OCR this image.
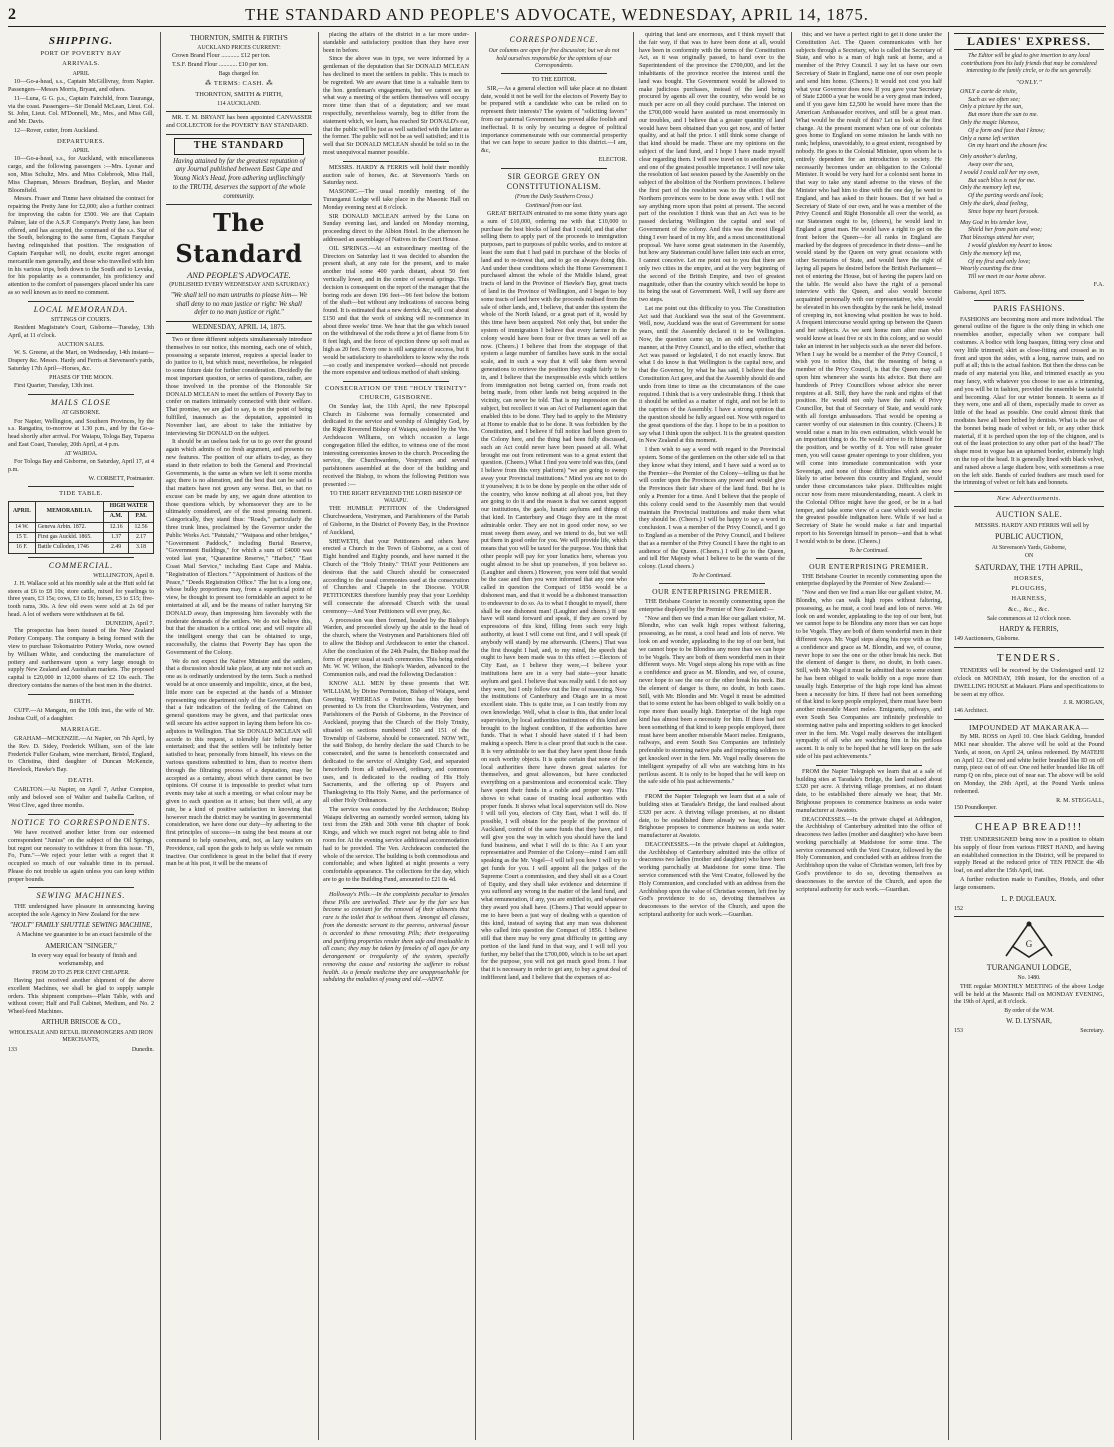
2	THE STANDARD AND PEOPLE'S ADVOCATE, WEDNESDAY, APRIL 14, 1875.
SHIPPING.
PORT OF POVERTY BAY
ARRIVALS.
APRIL

10—Go-a-head, s.s., Captain McGillivray, from Napier. Passengers—Messrs Morris, Bryant, and others.

11—Luna, G G. p.s., Captain Fairchild, from Tauranga, via the coast. Passengers—Sir Donald McLean, Lieut. Col. St. John, Lieut. Col. M'Donnell, Mr., Mrs., and Miss Gill, and Mr. Davis.

12—Rover, cutter, from Auckland.

DEPARTURES.
APRIL

10—Go-a-head, s.s., for Auckland, with miscellaneous cargo, and the following passengers :—Mrs. Lysnar and son, Miss Schultz, Mrs. and Miss Colebrook, Miss Hall, Miss Chapman, Messrs Bradman, Boylan, and Master Bloomfield.

Messrs. Fraser and Tinme have obtained the contract for repairing the Pretty Jane for £2,000; also a further contract for improving the cabin for £500. We are that Captain Palmer, late of the A.S.P. Company's Pretty Jane, has been offered, and has accepted, the command of the s.s. Star of the South, belonging to the same firm, Captain Farquhar having relinquished that position. The resignation of Captain Farquhar will, no doubt, excite regret amongst mercantile men generally, and those who travelled with him in his various trips, both down to the South and to Levuka, for his popularity as a commander, his proficiency and attention to the comfort of passengers placed under his care as so well known as to need no comment.

LOCAL MEMORANDA.
SITTINGS OF COURTS.

Resident Magistrate's Court, Gisborne—Tuesday, 13th April, at 11 o'clock.

AUCTION SALES.

W. S. Greene, at the Mart, on Wednesday, 14th instant—Drapery &c. Messrs. Hardy and Ferris at Stevenson's yards, Saturday 17th April—Horses, &c.

PHASES OF THE MOON.

First Quarter, Tuesday, 13th inst.

MAILS CLOSE
AT GISBORNE.

For Napier, Wellington, and Southern Provinces, by the s.s. Rangatira, to-morrow at 1.30 p.m., and by the Go-a-head shortly after arrival. For Waiapu, Tologa Bay, Tuparoa and East Coast, Tuesday, 20th April, at 4 p.m.

AT WAIROA.

For Tologa Bay and Gisborne, on Saturday, April 17, at 4 p.m.

W. CORBETT, Postmaster.
TIDE TABLE.
APRIL	MEMORABILIA.	HIGH WATER	
		A.M.	P.M.
14 W.	Geneva Arbtn. 1872.	12.16	12.56
15 T.	First gas Auckld. 1865.	1.37	2.17
16 F.	Battle Culloden, 1746	2.49	3.18
COMMERCIAL.
WELLINGTON, April 8.

J. H. Wallace sold at his monthly sale at the Hutt sold fat steers at £6 to £8 10s; store cattle, mixed for yearlings to three years, £3 15s; cows, £3 to £6; horses, £3 to £15; five-tooth rams, 30s. A few old ewes were sold at 2s 6d per head. A lot of wethers were withdrawn at 8s 6d.

DUNEDIN, April 7.

The prospectus has been issued of the New Zealand Pottery Company. The company is being formed with the view to purchase Tokomairiro Pottery Works, now owned by William White, and conducting the manufacture of pottery and earthenware upon a very large enough to supply New Zealand and Australian markets. The proposed capital is £20,000 in 12,000 shares of £2 10s each. The directory contains the names of the best men in the district.

BIRTH.

CUFF.—At Mangatu, on the 10th inst., the wife of Mr. Joshua Cuff, of a daughter.

MARRIAGE.

GRAHAM—MCKENZIE.—At Napier, on 7th April, by the Rev. D. Sidey, Frederick William, son of the late Frederick Fuller Graham, wine merchant, Bristol, England, to Christina, third daughter of Duncan McKenzie, Havelock, Hawke's Bay.

DEATH.

CARLTON.—At Napier, on April 7, Arthur Compton, only and beloved son of Walter and Isabella Carlton, of West Clive, aged three months.

NOTICE TO CORRESPONDENTS.

We have received another letter from our esteemed correspondent "Junius" on the subject of the Oil Springs, but regret our necessity to withdraw it from this issue. "Fi, Fo, Fum."—We reject your letter with a regret that it occupied so much of our valuable time in its perusal. Please do not trouble us again unless you can keep within proper bounds.

SEWING MACHINES.

THE undersigned have pleasure in announcing having accepted the sole Agency in New Zealand for the new

"HOLT" FAMILY SHUTTLE SEWING MACHINE,

A Machine we guarantee to be an exact facsimile of the

AMERICAN "SINGER,"

In every way equal for beauty of finish and workmanship, and

FROM 20 TO 25 PER CENT CHEAPER.

Having just received another shipment of the above excellent Machines, we shall be glad to supply sample orders. This shipment comprises—Plain Table, with and without cover; Half and Full Cabinet, Medium, and No. 2 Wheel-feed Machines.

ARTHUR BRISCOE & CO.,
WHOLESALE AND RETAIL IRONMONGERS AND IRON MERCHANTS,
133	Dunedin.
THORNTON, SMITH & FIRTH'S
AUCKLAND PRICES CURRENT:

Crown Brand Flour ............ £12 per ton.

T.S.F. Brand Flour ............ £10 per ton.

Bags charged for.
⁂ TERMS: CASH. ⁂
THORNTON, SMITH & FIRTH,
114 AUCKLAND.

MR. T. M. BRYANT has been appointed CANVASSER and COLLECTOR for the POVERTY BAY STANDARD.

THE STANDARD
Having attained by far the greatest reputation of any Journal published between East Cape and Young Nick's Head, from adhering unflinchingly to the TRUTH, deserves the support of the whole community.
The Standard
AND PEOPLE'S ADVOCATE.
(PUBLISHED EVERY WEDNESDAY AND SATURDAY.)
"We shall tell no man untruths to please him— We shall deny to no man justice or right: We shall defer to no man justice or right."
WEDNESDAY, APRIL 14, 1875.

Two or three different subjects simultaneously introduce themselves to our notice, this morning, each one of which, possessing a separate interest, requires a special leader to do justice to it, but which must, nevertheless, be relegated to some future date for further consideration. Decidedly the most important question, or series of questions, rather, are those involved in the promise of the Honorable Sir DONALD MCLEAN to meet the settlers of Poverty Bay to confer on matters intimately connected with their welfare. That promise, we are glad to say, is on the point of being fulfilled, inasmuch as the deputation, appointed in November last, are about to take the initiative by interviewing Sir DONALD on the subject.

It should be an useless task for us to go over the ground again which admits of no fresh argument, and presents no new features. The position of our affairs to-day, as they stand in their relation to both the General and Provincial Governments, is the same as when we left it some months ago; there is no alteration, and the best that can be said is that matters have not grown any worse. But, so that no excuse can be made by any, we again draw attention to those questions which, by whomsoever they are to be ultimately considered, are of the most pressing moment. Categorically, they stand thus: "Roads," particularly the three trunk lines, proclaimed by the Governor under the Public Works Act. "Patutahi," "Waipaoa and other bridges," "Government Paddock," including Burial Reserve, "Government Buildings," for which a sum of £4000 was voted last year, "Quarantine Reserve," "Harbor," "East Coast Mail Service," including East Cape and Mahia. "Registration of Electors." "Appointment of Justices of the Peace," "Deeds Registration Office." The list is a long one, whose bulky proportions may, from a superficial point of view, be thought to present too formidable an aspect to be entertained at all, and be the means of rather hurrying Sir DONALD away, than impressing him favorably with the moderate demands of the settlers. We do not believe this, but that the situation is a critical one; and will require all the intelligent energy that can be obtained to urge, successfully, the claims that Poverty Bay has upon the Government of the Colony.

We do not expect the Native Minister and the settlers, that a discussion should take place, at any rate not such an one as is ordinarily understood by the term. Such a method would be at once unseemly and impolitic, since, at the best, little more can be expected at the hands of a Minister representing one department only of the Government, than that a fair indication of the feeling of the Cabinet on general questions may be given, and that particular ones will secure his active support in laying them before his co-adjutors in Wellington. That Sir DONALD MCLEAN will accede to this request, a tolerably fair belief may be entertained; and that the settlers will be infinitely better satisfied to hear, personally from himself, his views on the various questions submitted to him, than to receive them through the filtrating process of a deputation, may be accepted as a certainty, about which there cannot be two opinions. Of course it is impossible to predict what turn events may take at such a meeting, or what colour may be given to each question as it arises; but there will, at any rate, be a kind of positive satisfaction in knowing that however much the district may be wanting in governmental consideration, we have done our duty—by adhering to the first principles of success—in using the best means at our command to help ourselves, and, not, as lazy waiters on Providence, call upon the gods to help us while we remain inactive. Our confidence is great in the belief that if every man be at his post, it will be the means of

placing the affairs of the district in a far more under-standable and satisfactory position than they have ever been in before.

Since the above was in type, we were informed by a gentleman of the deputation that Sir DONALD MCLEAN has declined to meet the settlers in public. This is much to be regretted. We are aware that time is a valuable item to the hon. gentleman's engagements, but we cannot see in what way a meeting of the settlers themselves will occupy more time than that of a deputation; and we must respectfully, nevertheless warmly, beg to differ from the statement which, we learn, has reached Sir DONALD's ear, that the public will be just as well satisfied with the latter as the former. The public will not be as well satisfied; and it is well that Sir DONALD MCLEAN should be told so in the most unequivocal manner possible.

MESSRS. HARDY & FERRIS will hold their monthly auction sale of horses, &c. at Stevenson's Yards on Saturday next.

MASONIC.—The usual monthly meeting of the Turanganui Lodge will take place in the Masonic Hall on Monday evening next at 8 o'clock.

SIR DONALD MCLEAN arrived by the Luna on Sunday evening last, and landed on Monday morning, proceeding direct to the Albion Hotel. In the afternoon he addressed an assemblage of Natives in the Court House.

OIL SPRINGS.—At an extraordinary meeting of the Directors on Saturday last it was decided to abandon the present shaft, at any rate for the present, and to make another trial some 400 yards distant, about 50 feet vertically lower, and in the centre of several springs. This decision is consequent on the report of the manager that the boring rods are down 196 feet—96 feet below the bottom of the shaft—but without any indications of success being found. It is estimated that a new derrick &c, will cost about £150 and that the work of sinking will re-commence in about three weeks' time. We hear that the gas which issued on the withdrawal of the rods threw a jet of flame from 6 to 8 feet high, and the force of ejection threw up soft mud as high as 20 feet. Every one is still sanguine of success, but it would be satisfactory to shareholders to know why the rods—so costly and inexpensive worked—should not precede the more expensive and tedious method of shaft sinking.

CONSECRATION OF THE "HOLY TRINITY" CHURCH, GISBORNE.

On Sunday last, the 11th April, the new Episcopal Church in Gisborne was formally consecrated and dedicated to the service and worship of Almighty God, by the Right Reverend Bishop of Waiapu, assisted by the Ven. Archdeacon Williams, on which occasion a large congregation filled the edifice, to witness one of the most interesting ceremonies known to the church. Proceeding the service, the Churchwardens, Vestrymen and several parishioners assembled at the door of the building and received the Bishop, to whom the following Petition was presented :—

TO THE RIGHT REVEREND THE LORD BISHOP OF WAIAPU.

THE HUMBLE PETITION of the Undersigned Churchwardens, Vestrymen, and Parishioners of the Parish of Gisborne, in the District of Poverty Bay, in the Province of Auckland,

SHEWETH, that your Petitioners and others have erected a Church in the Town of Gisborne, as a cost of Eight hundred and Eighty pounds, and have named it the Church of the "Holy Trinity." THAT your Petitioners are desirous that the said Church should be consecrated according to the usual ceremonies used at the consecration of Churches and Chapels in the Diocese. YOUR PETITIONERS therefore humbly pray that your Lordship will consecrate the aforesaid Church with the usual ceremony—And Your Petitioners will ever pray, &c.

A procession was then formed, headed by the Bishop's Warden, and proceeded slowly up the aisle to the head of the church, where the Vestrymen and Parishioners filed off to allow the Bishop and Archdeacon to enter the chancel. After the conclusion of the 24th Psalm, the Bishop read the form of prayer usual at such ceremonies. This being ended Mr. W. W. Wilson, the Bishop's Warden, advanced to the Communion rails, and read the following Declaration :

KNOW ALL MEN by these presents that WE WILLIAM, by Divine Permission, Bishop of Waiapu, send Greeting. WHEREAS a Petition has this day been presented to Us from the Churchwardens, Vestrymen, and Parishioners of the Parish of Gisborne, in the Province of Auckland, praying that the Church of the Holy Trinity, situated on sections numbered 150 and 151 of the Township of Gisborne, should be consecrated. NOW WE, the said Bishop, do hereby declare the said Church to be consecrated, and the same is henceforth consecrated and dedicated to the service of Almighty God, and separated henceforth from all unhallowed, ordinary, and common uses, and is dedicated to the reading of His Holy Sacraments, and the offering up of Prayers and Thanksgiving to His Holy Name, and the performance of all other Holy Ordinances.

The service was conducted by the Archdeacon; Bishop Waiapu delivering an earnestly worded sermon, taking his text from the 29th and 30th verse 8th chapter of book Kings, and which we much regret not being able to find room for. At the evening service additional accommodation had to be provided. The Ven. Archdeacon conducted the whole of the service. The building is both commodious and comfortable; and when lighted at night presents a very comfortable appearance. The collections for the day, which are to go to the Building Fund, amounted to £21 0s 4d.

Holloway's Pills.—In the complaints peculiar to females these Pills are unrivalled. Their use by the fair sex has become so constant for the removal of their ailments that rare is the toilet that is without them. Amongst all classes, from the domestic servant to the peeress, universal favour is accorded to these renovating Pills; their invigorating and purifying properties render them safe and invaluable in all cases; they may be taken by females of all ages for any derangement or irregularity of the system, specially removing the cause and restoring the sufferer to robust health. As a female medicine they are unapproachable for subduing the maladies of young and old.—ADVT.

CORRESPONDENCE.
Our columns are open for free discussion; but we do not hold ourselves responsible for the opinions of our Correspondents.
TO THE EDITOR.

SIR,—As a general election will take place at no distant date, would it not be well for the electors of Poverty Bay to be prepared with a candidate who can be relied on to represent their interests? The system of "soliciting favors" from our paternal Government has proved alike foolish and ineffectual. It is only by securing a degree of political importance commensurate with our commercial prosperity that we can hope to secure justice to this district.—I am, &c,

ELECTOR.
SIR GEORGE GREY ON CONSTITUTIONALISM.
(From the Daily Southern Cross.)
Continued from our last.

GREAT BRITAIN entrusted to me some thirty years ago a sum of £10,000, ordering me with that £10,000 to purchase the best blocks of land that I could, and that after selling them to apply part of the proceeds to immigration purposes, part to purposes of public works, and to restore at least the sum that I had paid in purchase of the blocks of land and to re-invest that, and to go on always doing this. And under these conditions which the Home Government I purchased almost the whole of the Middle Island, great tracts of land in the Province of Hawke's Bay, great tracts of land in the Province of Wellington, and I began to buy some tracts of land here with the proceeds realised from the sale of other lands, and, I believe, that under this system the whole of the North Island, or a great part of it, would by this time have been acquired. Not only that, but under the system of immigration I believe that every farmer in the colony would have been four or five times as well off as now. (Cheers.) I believe that from the stoppage of that system a large number of families have sunk in the social scale, and in such a way that it will take them several generations to retrieve the position they ought fairly to be in, and I believe that the inexpressible evils which settlers from immigration not being carried on, from roads not being made, from other lands not being acquired in the vicinity, can never be told. That is my impression on the subject, but recollect it was an Act of Parliament again that enabled this to be done. They had to apply to the Ministry at Home to enable that to be done. It was forbidden by the Constitution, and I believe if full notice had been given to the Colony here, and the thing had been fully discussed, such an Act could never have been passed at all. What brought me out from retirement was to a great extent that question. (Cheers.) What I find you were told was this, (and I believe from this very platform) "we are going to sweep away your Provincial institutions." Mind you are not to do it yourselves; it is to be done by people on the other side of the country, who know nothing at all about you, but they are going to do it and the reason is that we cannot support our institutions, the gaols, lunatic asylums and things of that kind. In Canterbury and Otago they are in the most admirable order. They are not in good order now, so we must sweep them away, and we intend to do, but we will put them in good order for you. We will provide life, which means that you will be taxed for the purpose. You think that other people will pay for your lunatics here, whereas you ought almost to be shut up yourselves, if you believe so. (Laughter and cheers.) However, you were told that would be the case and then you were informed that any one who called in question the Compact of 1856 would be a dishonest man, and that it would be a dishonest transaction to endeavour to do so. As to what I thought to myself, there shall be one dishonest man! (Laughter and cheers.) If one have will stand forward and speak, if they are cowed by expressions of this kind, filling from such very high authority, at least I will come out first, and I will speak (if anybody will stand) by me afterwards. (Cheers.) That was the first thought I had, and, to my mind, the speech that ought to have been made was to this effect :—Electors of City East, as I believe they were,—I believe your institutions here are in a very bad state—your lunatic asylum and gaol. I believe that was really said. I do not say they were, but I only follow out the line of reasoning. Now the institutions of Canterbury and Otago are in a most excellent state. This is quite true, as I can testify from my own knowledge. Well, what is clear is this, that under local supervision, by local authorities institutions of this kind are brought to the highest condition, if the authorities have funds. That is what I should have stated if I had been making a speech. Here is a clear proof that such is the case. It is very admirable to see that they have spent those funds on such worthy objects. It is quite certain that none of the local authorities there have drawn great salaries for themselves, and great allowances, but have conducted everything on a parsimonious and economical scale. They have spent their funds in a noble and proper way. This shows to what cause of trusting local authorities with proper funds. It shows what local supervision will do. Now I will tell you, electors of City East, what I will do. If possible, I will obtain for the people of the province of Auckland, control of the same funds that they have, and I will give you the way in which you should have the land fund business, and what I will do is this: As I am your representative and Premier of the Colony—mind I am still speaking as the Mr. Vogel—I will tell you how I will try to get funds for you. I will appoint all the judges of the Supreme Court a commission, and they shall sit as a Court of Equity, and they shall take evidence and determine if you suffered any wrong in the matter of the land fund, and what remuneration, if any, you are entitled to, and whatever they award you shall have. (Cheers.) That would appear to me to have been a just way of dealing with a question of this kind, instead of saying that any man was dishonest who called into question the Compact of 1856. I believe still that there may be very great difficulty in getting any portion of the land fund in that way, and I will tell you further, my belief that the £700,000, which is to be set apart for the purpose, you will not get much good from. I fear that it is necessary in order to get any, to buy a great deal of indifferent land, and I believe that the expenses of ac-

quiring that land are enormous, and I think myself that the fair way, if that was to have been done at all, would have been in conformity with the terms of the Constitution Act, as it was originally passed, to hand over to the Superintendent of the province the £700,000, and let the inhabitants of the province receive the interest until the land was bought. The Government would be allowed to make judicious purchases, instead of the land being procured by agents all over the country, who would be so much per acre on all they could purchase. The interest on the £700,000 would have assisted us most enormously in our troubles, and I believe that a greater quantity of land would have been obtained than you get now, and of better quality, and at half the price. I still think some change of that kind should be made. These are my opinions on the subject of the land fund, and I hope I have made myself clear regarding them. I will now travel on to another point, and one of the greatest possible importance. I will now take the resolution of last session passed by the Assembly on the subject of the abolition of the Northern provinces. I believe the first part of the resolution was to the effect that the Northern provinces were to be done away with. I will not say anything more upon that point at present. The second part of the resolution I think was that an Act was to be passed declaring Wellington the capital and seat of Government of the colony. And this was the most illegal thing I ever heard of in my life, and a most unconstitutional proposal. We have some great statesmen in the Assembly, but how any Statesman could have fallen into such an error, I cannot conceive. Let me point out to you that there are only two cities in the empire, and at the very beginning of the second of the British Empire, and two of greatest magnitude, other than the country which would be hope to its being the seat of Government. Well, I will say there are two steps.

Let me point out this difficulty to you. The Constitution Act said that Auckland was the seat of the Government. Well, now, Auckland was the seat of Government for some years, until the Assembly declared it to be Wellington. Now, the question came up, in an odd and conflicting manner, at the Privy Council, and to the effect, whether that Act was passed or legislated, I do not exactly know. But what I do know is that Wellington is the capital now, and that the Governor, by what he has said, I believe that the Constitution Act gave, and that the Assembly should do and undo from time to time as the circumstances of the case required. I think that is a very undesirable thing. I think that it should be settled as a matter of right, and not be left to the caprices of the Assembly. I have a strong opinion that the question should be fully argued out. Now with regard to the great questions of the day. I hope to be in a position to say what I think upon the subject. It is the greatest question in New Zealand at this moment.

I then wish to say a word with regard to the Provincial system. Some of the gentlemen on the other side tell us that they know what they intend, and I have said a word as to the Premier—the Premier of the Colony—telling us that he will confer upon the Provinces any power and would give the Provinces their fair share of the land fund. But he is only a Premier for a time. And I believe that the people of this colony could send to the Assembly men that would maintain the Provincial institutions and make them what they should be. (Cheers.) I will be happy to say a word in conclusion. I was a member of the Privy Council, and I go to England as a member of the Privy Council, and I believe that as a member of the Privy Council I have the right to an audience of the Queen. (Cheers.) I will go to the Queen, and tell Her Majesty what I believe to be the wants of the colony. (Loud cheers.)

To be Continued.
OUR ENTERPRISING PREMIER.

THE Brisbane Courier in recently commenting upon the enterprise displayed by the Premier of New Zealand:—

"Now and then we find a man like our gallant visitor, M. Blondin, who can walk high ropes without faltering, possessing, as he must, a cool head and lots of nerve. We look on and wonder, applauding to the top of our bent, but we cannot hope to be Blondins any more than we can hope to be Vogels. They are both of them wonderful men in their different ways. Mr. Vogel steps along his rope with as fine a confidence and grace as M. Blondin, and we, of course, never hope to see the one or the other break his neck. But the element of danger is there, no doubt, in both cases. Still, with Mr. Blondin and Mr. Vogel it must be admitted that to some extent he has been obliged to walk boldly on a rope more than usually high. Enterprise of the high rope kind has almost been a necessity for him. If there had not been something of that kind to keep people employed, there must have been another miserable Maori melee. Emigrants, railways, and even South Sea Companies are infinitely preferable to storming native pahs and importing soldiers to get knocked over in the fern. Mr. Vogel really deserves the intelligent sympathy of all who are watching him in his perilous ascent. It is only to be hoped that he will keep on the safe side of his past achievements."

FROM the Napier Telegraph we learn that at a sale of building sites at Taradale's Bridge, the land realised about £320 per acre. A thriving village promises, at no distant date, to be established there already we hear, that Mr. Brighouse proposes to commence business as soda water manufacturer at Awatoto.

DEACONESSES.—In the private chapel at Addington, the Archbishop of Canterbury admitted into the office of deaconess two ladies (mother and daughter) who have been working parochially at Maidstone for some time. The service commenced with the Veni Creator, followed by the Holy Communion, and concluded with an address from the Archbishop upon the value of Christian women, left free by God's providence to do so, devoting themselves as deaconesses to the service of the Church, and upon the scriptural authority for such work.—Guardian.

this; and we have a perfect right to get it done under the Constitution Act. The Queen communicates with her subjects through a Secretary, who is called the Secretary of State, and who is a man of high rank at home, and a member of the Privy Council. I say let us have our own Secretary of State in England, name one of our own people and send him home. (Cheers.) It would not cost you half what your Governor does now. If you gave your Secretary of State £2000 a year he would be a very great man indeed, and if you gave him £2,500 he would have more than the American Ambassador receives, and still be a great man. What would be the result of this? Let us look at the first change. At the present moment when one of our colonists goes home to England on some mission he lands with no rank; helpless, unavoidably, to a great extent, recognised by nobody. He goes to the Colonial Minister, upon whom he is entirely dependent for an introduction to society. He necessarily becomes under an obligation to the Colonial Minister. It would be very hard for a colonist sent home in that way to take any stand adverse to the views of the Minister who had him to dine with the one day, he went to England, and has asked to their houses. But if we had a Secretary of State of our own, and he was a member of the Privy Council and Right Honorable all over the world, as our Statesmen ought to be, (cheers), he would land in England a great man. He would have a right to get on the front before the Queen—for all ranks in England are marked by the degrees of precedence in their dress—and he would stand by the Queen on very great occasions with other Secretaries of State, and would have the right of laying all papers he desired before the British Parliament—not of entering the House, but of having the papers laid on the table. He would also have the right of a personal interview with the Queen, and also would become acquainted personally with our representative, who would be elevated in his own thoughts by the rank he held, instead of creeping in, not knowing what position he was to hold. A frequent intercourse would spring up between the Queen and her subjects. As we sent home men after man who would know at least five or six in this colony, and so would take an interest in her subjects such as she never did before. When I say he would be a member of the Privy Council, I wish you to notice this, that the meaning of being a member of the Privy Council, is that the Queen may call upon him whenever she wants his advice. But there are hundreds of Privy Councillors whose advice she never requires at all. Still, they have the rank and rights of that position. He would not only have the rank of Privy Councillor, but that of Secretary of State, and would rank with all foreign ambassadors. That would be opening a career worthy of our statesmen in this country. (Cheers.) It would raise a man in his own estimation, which would be an important thing to do. He would strive to fit himself for the position, and be worthy of it. You will raise greater men, you will cause greater openings to your children, you will come into immediate communication with your Sovereign, and none of those difficulties which are now likely to arise between this country and England, would under these circumstances take place. Difficulties might occur now from mere misunderstanding, meant. A clerk in the Colonial Office might have the good, or be in a bad temper, and take some view of a case which would incite the greatest possible indignation here. While if we had a Secretary of State he would make a fair and impartial report to his Sovereign himself in person—and that is what I would wish to be done. (Cheers.)

To be Continued.
OUR ENTERPRISING PREMIER.

THE Brisbane Courier in recently commenting upon the enterprise displayed by the Premier of New Zealand:—

"Now and then we find a man like our gallant visitor, M. Blondin, who can walk high ropes without faltering, possessing, as he must, a cool head and lots of nerve. We look on and wonder, applauding to the top of our bent, but we cannot hope to be Blondins any more than we can hope to be Vogels. They are both of them wonderful men in their different ways. Mr. Vogel steps along his rope with as fine a confidence and grace as M. Blondin, and we, of course, never hope to see the one or the other break his neck. But the element of danger is there, no doubt, in both cases. Still, with Mr. Vogel it must be admitted that to some extent he has been obliged to walk boldly on a rope more than usually high. Enterprise of the high rope kind has almost been a necessity for him. If there had not been something of that kind to keep people employed, there must have been another miserable Maori melee. Emigrants, railways, and even South Sea Companies are infinitely preferable to storming native pahs and importing soldiers to get knocked over in the fern. Mr. Vogel really deserves the intelligent sympathy of all who are watching him in his perilous ascent. It is only to be hoped that he will keep on the safe side of his past achievements."

FROM the Napier Telegraph we learn that at a sale of building sites at Taradale's Bridge, the land realised about £320 per acre. A thriving village promises, at no distant date, to be established there already we hear, that Mr. Brighouse proposes to commence business as soda water manufacturer at Awatoto.

DEACONESSES.—In the private chapel at Addington, the Archbishop of Canterbury admitted into the office of deaconess two ladies (mother and daughter) who have been working parochially at Maidstone for some time. The service commenced with the Veni Creator, followed by the Holy Communion, and concluded with an address from the Archbishop upon the value of Christian women, left free by God's providence to do so, devoting themselves as deaconesses to the service of the Church, and upon the scriptural authority for such work.—Guardian.

LADIES' EXPRESS.
The Editor will be glad to give insertion to any local contributions from his lady friends that may be considered interesting to the family circle, or to the sex generally.
"ONLY."
ONLY a carte de visite,
Such as we often see;
Only a picture by the sun,
But more than the sun to me.
Only the magic likeness,
Of a form and face that I know;
Only a name left written
On my heart and the chosen few.
Only another's darling,
Away over the sea,
I would I could call her my own,
But such bliss is not for me.
Only the memory left me,
Of the parting words and look;
Only the dark, dead feeling,
Since hope my heart forsook.
May God in his tender love,
Shield her from pain and woe;
That blessings attend her ever,
I would gladdon my heart to know.
Only the memory left me,
Of my first and only love;
Wearily counting the time
Till we meet in our home above.
F.A.
Gisborne, April 1875.
PARIS FASHIONS.

FASHIONS are becoming more and more individual. The general outline of the figure is the only thing in which one resembles another, especially when we compare ball costumes. A bodice with long basques, fitting very close and very little trimmed; skirt as close-fitting and crossed as in front and upon the sides, with a long, narrow train, and no puff at all; this is the actual fashion. But then the dress can be made of any material you like, and trimmed exactly as you may fancy, with whatever you choose to use as a trimming, and you will be in fashion, provided the ensemble be tasteful and becoming. Alas! for our winter bonnets. It seems as if they were, one and all of them, especially made to cover as little of the head as possible. One could almost think that modistes have all been bribed by dentists. What is the use of the bonnet being made of velvet or felt, or any other thick material, if it is perched upon the top of the chignon, and is out of the least protection to any other part of the head? The shape most in vogue has an upturned border, extremely high on the top of the head. It is generally lined with black velvet, and raised above a large diadem bow, with sometimes a rose on the left side. Bands of curled feathers are much used for the trimming of velvet or felt hats and bonnets.

New Advertisements.
AUCTION SALE.

MESSRS. HARDY AND FERRIS Will sell by

PUBLIC AUCTION,
At Stevenson's Yards, Gisborne,
ON
SATURDAY, THE 17TH APRIL,
HORSES,
PLOUGHS,
HARNESS,
&c., &c., &c.
Sale commences at 12 o'clock noon.
HARDY & FERRIS,
149 Auctioneers, Gisborne.
TENDERS.

TENDERS will be received by the Undersigned until 12 o'clock on MONDAY, 19th instant, for the erection of a DWELLING HOUSE at Makauri. Plans and specifications to be seen at my office.

J. R. MORGAN,
146 Architect.
IMPOUNDED AT MAKARAKA—

By MR. ROSS on April 10. One black Gelding, branded MKI near shoulder. The above will be sold at the Pound Yards, at noon, on April 24, unless redeemed. By MATEHI on April 12. One red and white heifer branded like ID on off rump, piece out of off ear. One red heifer branded like I& off rump Q on ribs, piece out of near ear. The above will be sold on Monday, the 29th April, at the Pound Yards unless redeemed.

R. M. STEGGALL,
150 Poundkeeper.
CHEAP BREAD!!!

THE UNDERSIGNED being now in a position to obtain his supply of flour from various FIRST HAND, and having an established connection in the District, will be prepared to supply Bread at the reduced price of TEN PENCE the 4lb loaf, on and after the 15th April, inst.

A further reduction made to Families, Hotels, and other large consumers.

L. P. DUGLEAUX.
152
G
TURANGANUI LODGE,
No. 1480.

THE regular MONTHLY MEETING of the above Lodge will be held at the Masonic Hall on MONDAY EVENING, the 19th of April, at 8 o'clock.

By order of the W.M.
W. D. LYSNAR,
153	Secretary.
